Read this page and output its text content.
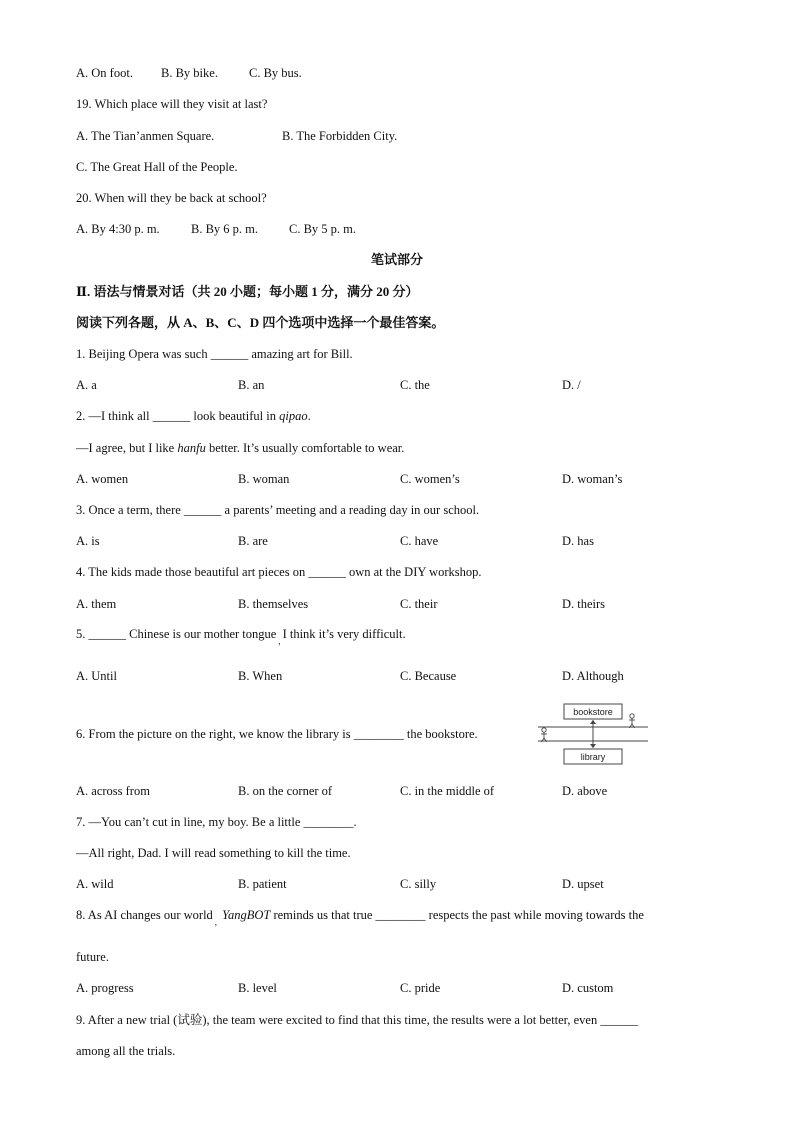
A. On foot. B. By bike. C. By bus.
19. Which place will they visit at last?
A. The Tian’anmen Square.	B. The Forbidden City.
C. The Great Hall of the People.
20. When will they be back at school?
A. By 4:30 p. m.	B. By 6 p. m. C. By 5 p. m.
笔试部分
Ⅱ. 语法与情景对话（共 20 小题；每小题 1 分，满分 20 分）
阅读下列各题，从 A、B、C、D 四个选项中选择一个最佳答案。
1. Beijing Opera was such ______ amazing art for Bill.
A. a	B. an	C. the	D. /
2. —I think all ______ look beautiful in qipao.
—I agree, but I like hanfu better. It’s usually comfortable to wear.
A. women	B. woman	C. women’s	D. woman’s
3. Once a term, there ______ a parents’ meeting and a reading day in our school.
A. is	B. are	C. have	D. has
4. The kids made those beautiful art pieces on ______ own at the DIY workshop.
A. them	B. themselves	C. their	D. theirs
5. ______ Chinese is our mother tongue $_,$ I think it’s very difficult.
A. Until	B. When	C. Because	D. Although
6. From the picture on the right, we know the library is ________ the bookstore.
bookstore
library
A. across from	B. on the corner of	C. in the middle of	D. above
7. —You can’t cut in line, my boy. Be a little ________.
—All right, Dad. I will read something to kill the time.
A. wild	B. patient	C. silly	D. upset
8. As AI changes our world $_,$ YangBOT reminds us that true ________ respects the past while moving towards the
future.
A. progress	B. level	C. pride	D. custom
9. After a new trial (试验), the team were excited to find that this time, the results were a lot better, even ______
among all the trials.
